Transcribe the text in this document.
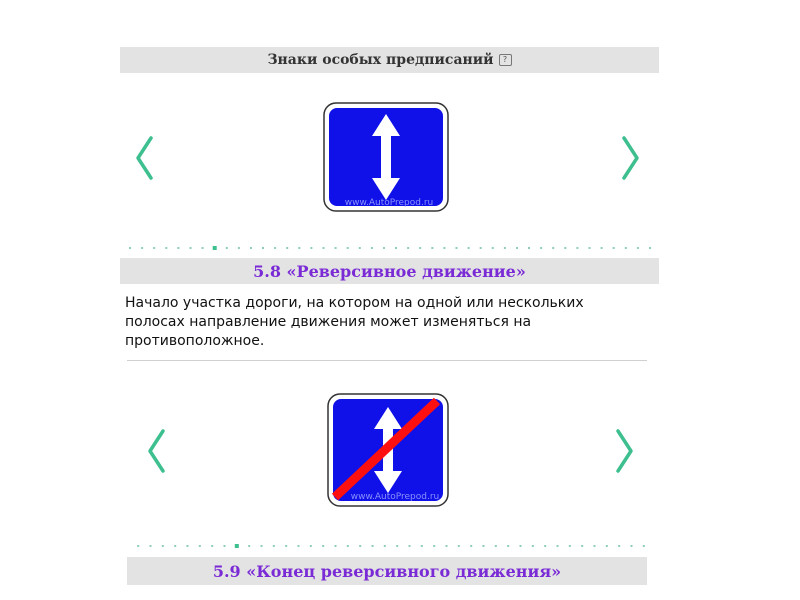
Знаки особых предписаний	?
www.AutoPrepod.ru
5.8 «Реверсивное движение»
Начало участка дороги, на котором на одной или нескольких полосах направление движения может изменяться на противоположное.
www.AutoPrepod.ru
5.9 «Конец реверсивного движения»
